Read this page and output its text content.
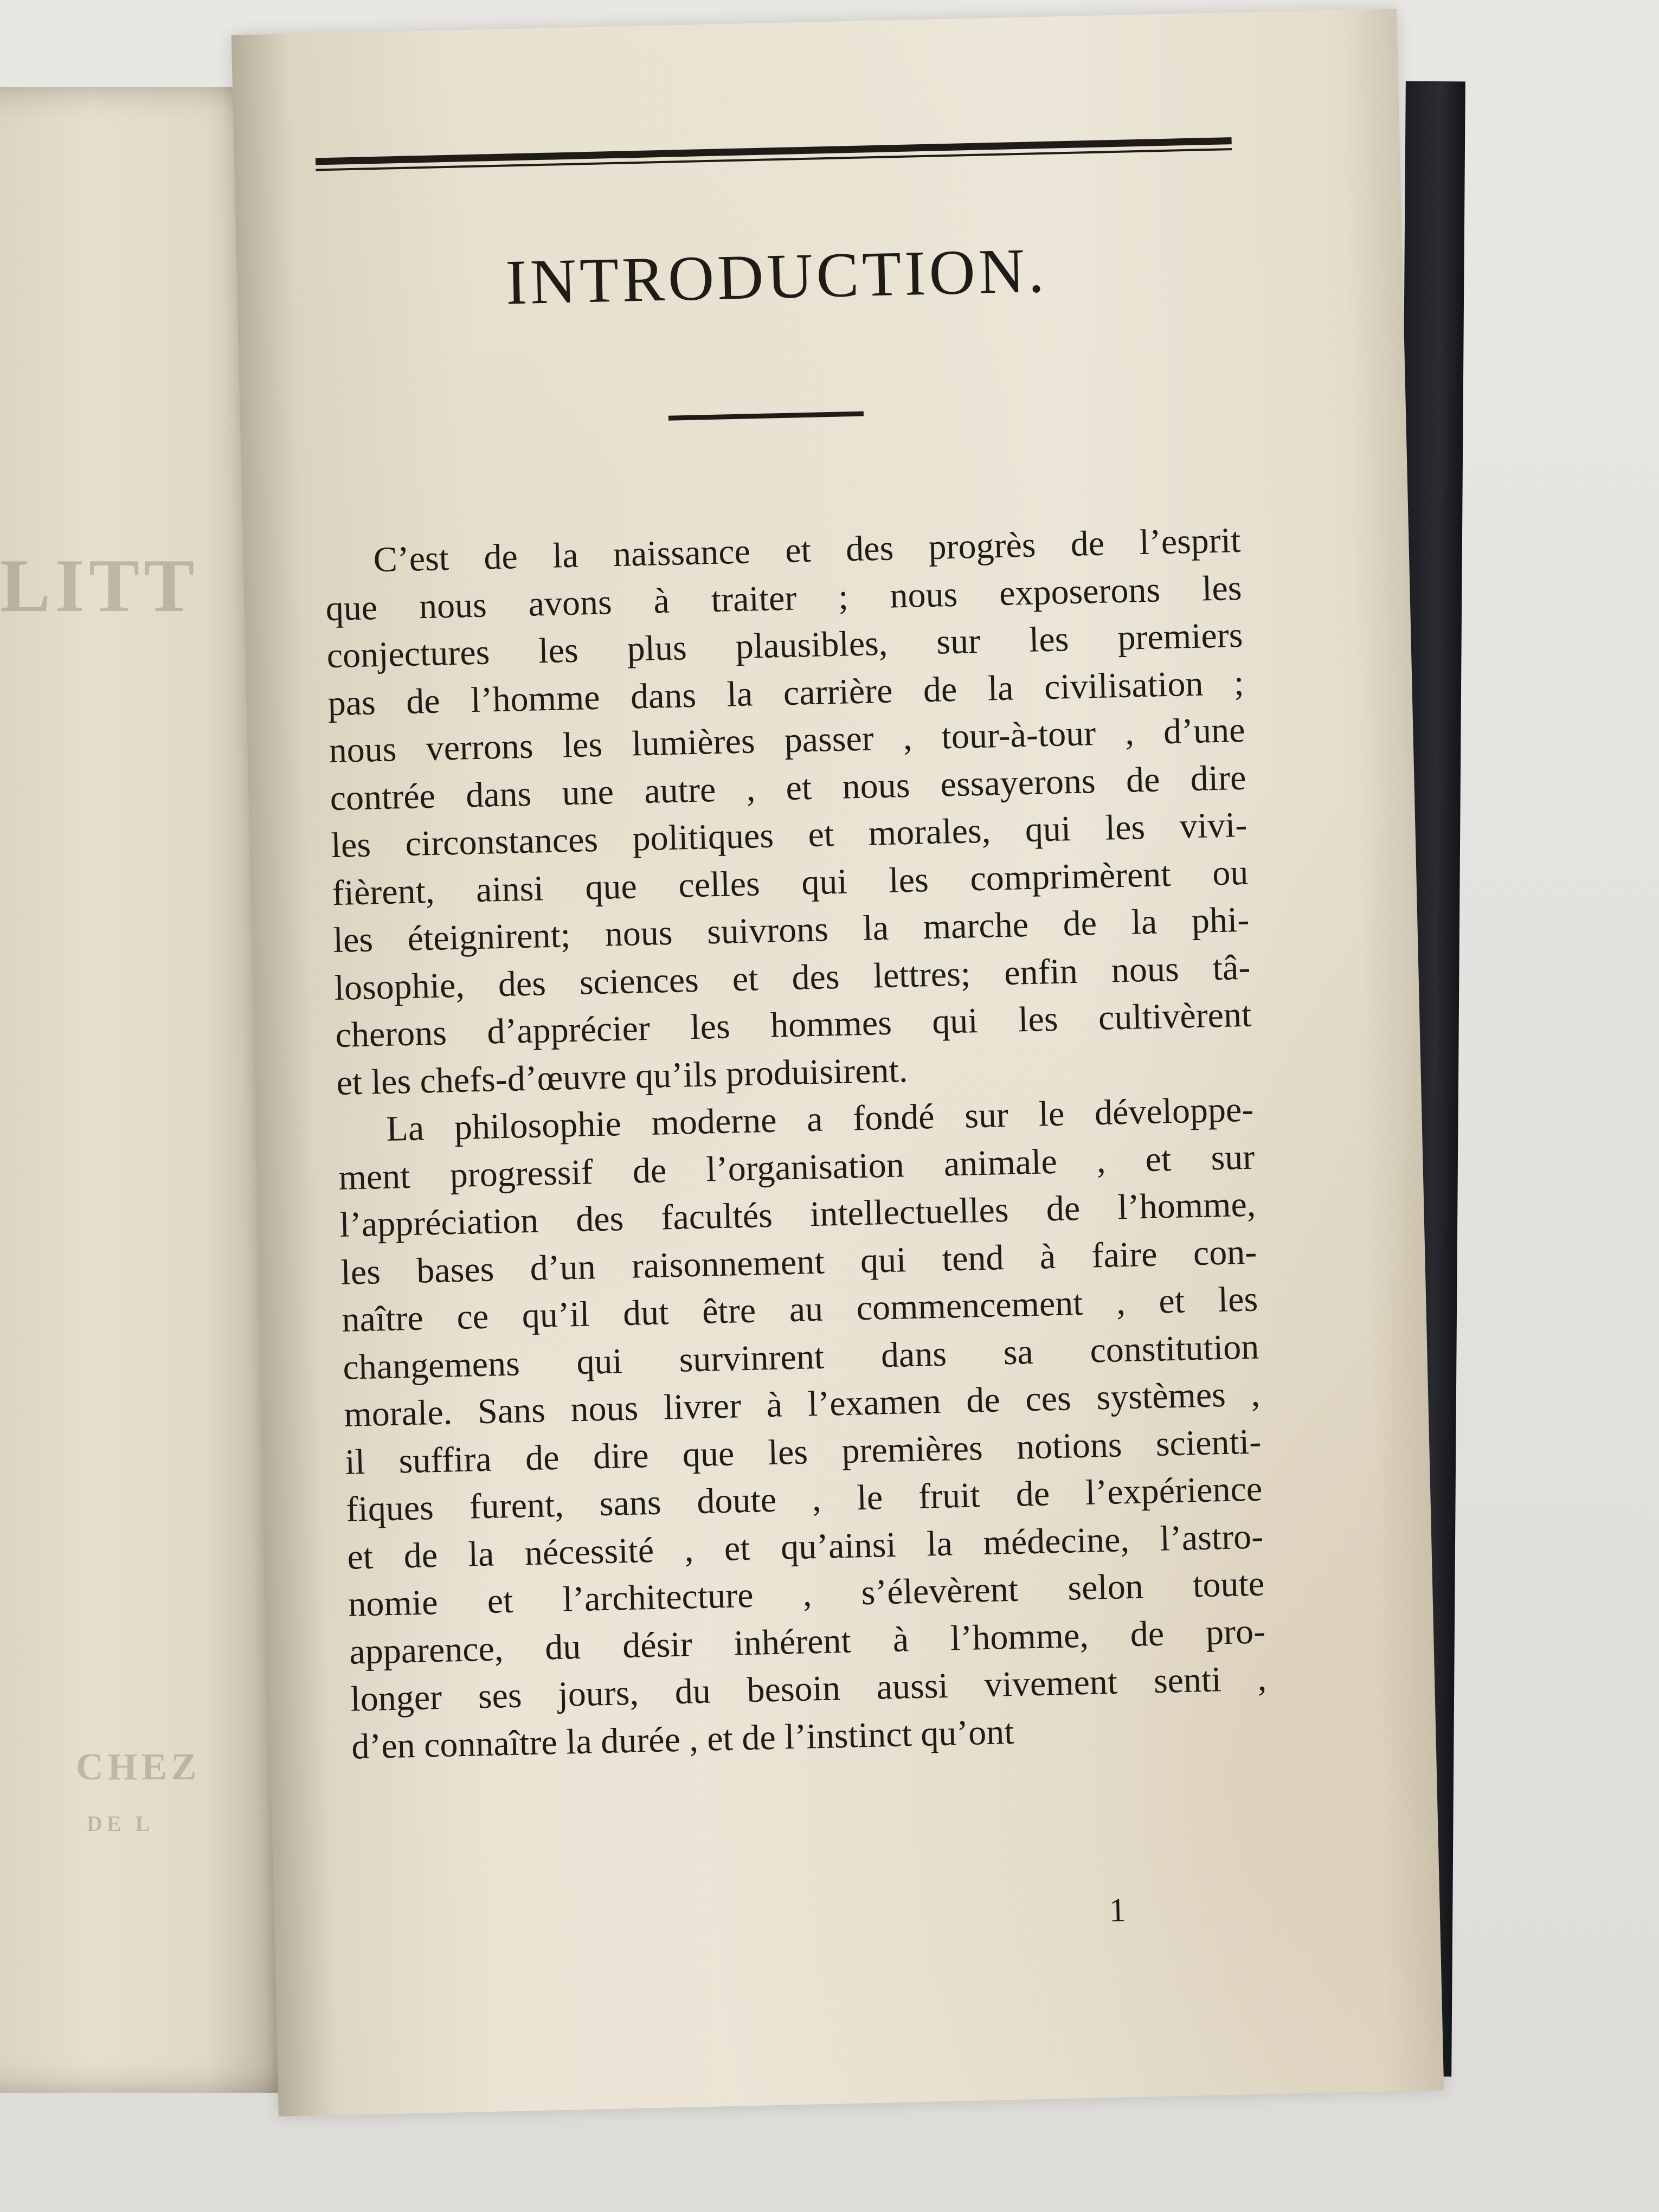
LITT
CHEZ
DE L
INTRODUCTION.
C’est de la naissance et des progrès de l’esprit
que nous avons à traiter ; nous exposerons les
conjectures les plus plausibles, sur les premiers
pas de l’homme dans la carrière de la civilisation ;
nous verrons les lumières passer , tour-à-tour , d’une
contrée dans une autre , et nous essayerons de dire
les circonstances politiques et morales, qui les vivi-
fièrent, ainsi que celles qui les comprimèrent ou
les éteignirent; nous suivrons la marche de la phi-
losophie, des sciences et des lettres; enfin nous tâ-
cherons d’apprécier les hommes qui les cultivèrent
et les chefs-d’œuvre qu’ils produisirent.
La philosophie moderne a fondé sur le développe-
ment progressif de l’organisation animale , et sur
l’appréciation des facultés intellectuelles de l’homme,
les bases d’un raisonnement qui tend à faire con-
naître ce qu’il dut être au commencement , et les
changemens qui survinrent dans sa constitution
morale. Sans nous livrer à l’examen de ces systèmes ,
il suffira de dire que les premières notions scienti-
fiques furent, sans doute , le fruit de l’expérience
et de la nécessité , et qu’ainsi la médecine, l’astro-
nomie et l’architecture , s’élevèrent selon toute
apparence, du désir inhérent à l’homme, de pro-
longer ses jours, du besoin aussi vivement senti ,
d’en connaître la durée , et de l’instinct qu’ont
1
